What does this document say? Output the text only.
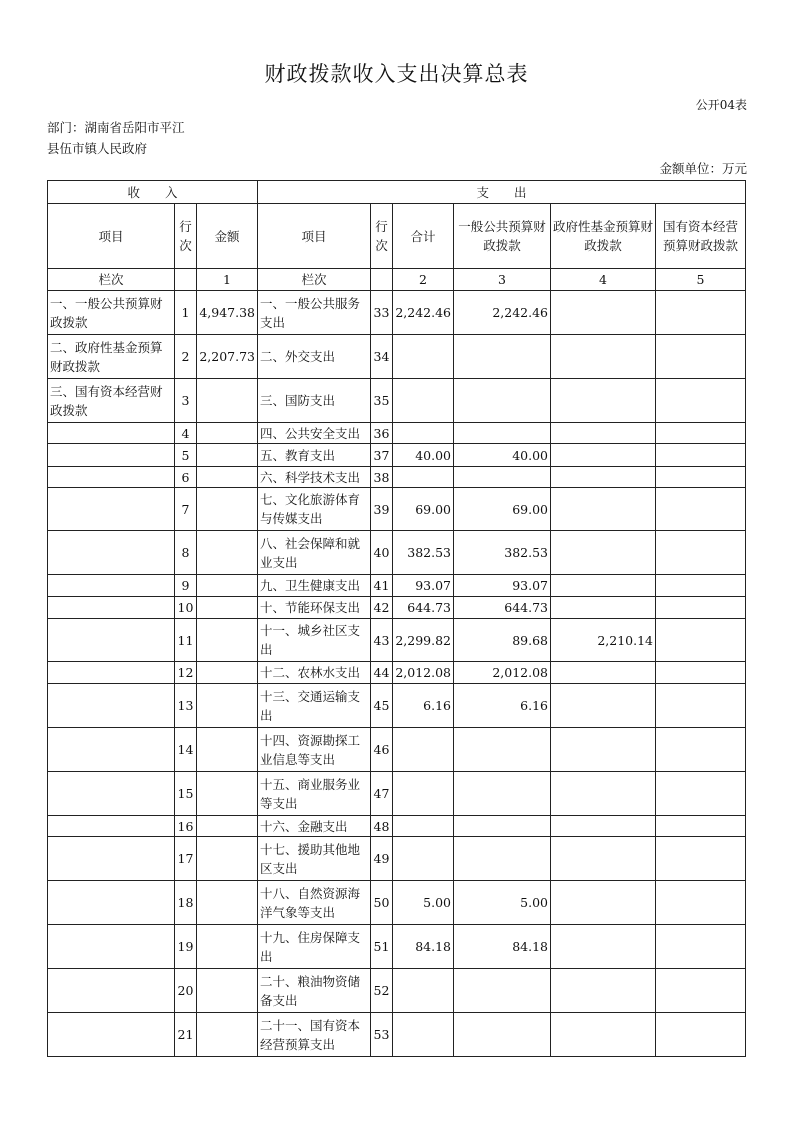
财政拨款收入支出决算总表
公开04表
部门：湖南省岳阳市平江县伍市镇人民政府
金额单位：万元
收　　入			支　　出					
项目	行次	金额	项目	行次	合计	一般公共预算财政拨款	政府性基金预算财政拨款	国有资本经营预算财政拨款
栏次		1	栏次		2	3	4	5
一、一般公共预算财政拨款	1	4,947.38	一、一般公共服务支出	33	2,242.46	2,242.46		
二、政府性基金预算财政拨款	2	2,207.73	二、外交支出	34				
三、国有资本经营财政拨款	3		三、国防支出	35				
	4		四、公共安全支出	36				
	5		五、教育支出	37	40.00	40.00		
	6		六、科学技术支出	38				
	7		七、文化旅游体育与传媒支出	39	69.00	69.00		
	8		八、社会保障和就业支出	40	382.53	382.53		
	9		九、卫生健康支出	41	93.07	93.07		
	10		十、节能环保支出	42	644.73	644.73		
	11		十一、城乡社区支出	43	2,299.82	89.68	2,210.14	
	12		十二、农林水支出	44	2,012.08	2,012.08		
	13		十三、交通运输支出	45	6.16	6.16		
	14		十四、资源勘探工业信息等支出	46				
	15		十五、商业服务业等支出	47				
	16		十六、金融支出	48				
	17		十七、援助其他地区支出	49				
	18		十八、自然资源海洋气象等支出	50	5.00	5.00		
	19		十九、住房保障支出	51	84.18	84.18		
	20		二十、粮油物资储备支出	52				
	21		二十一、国有资本经营预算支出	53				
